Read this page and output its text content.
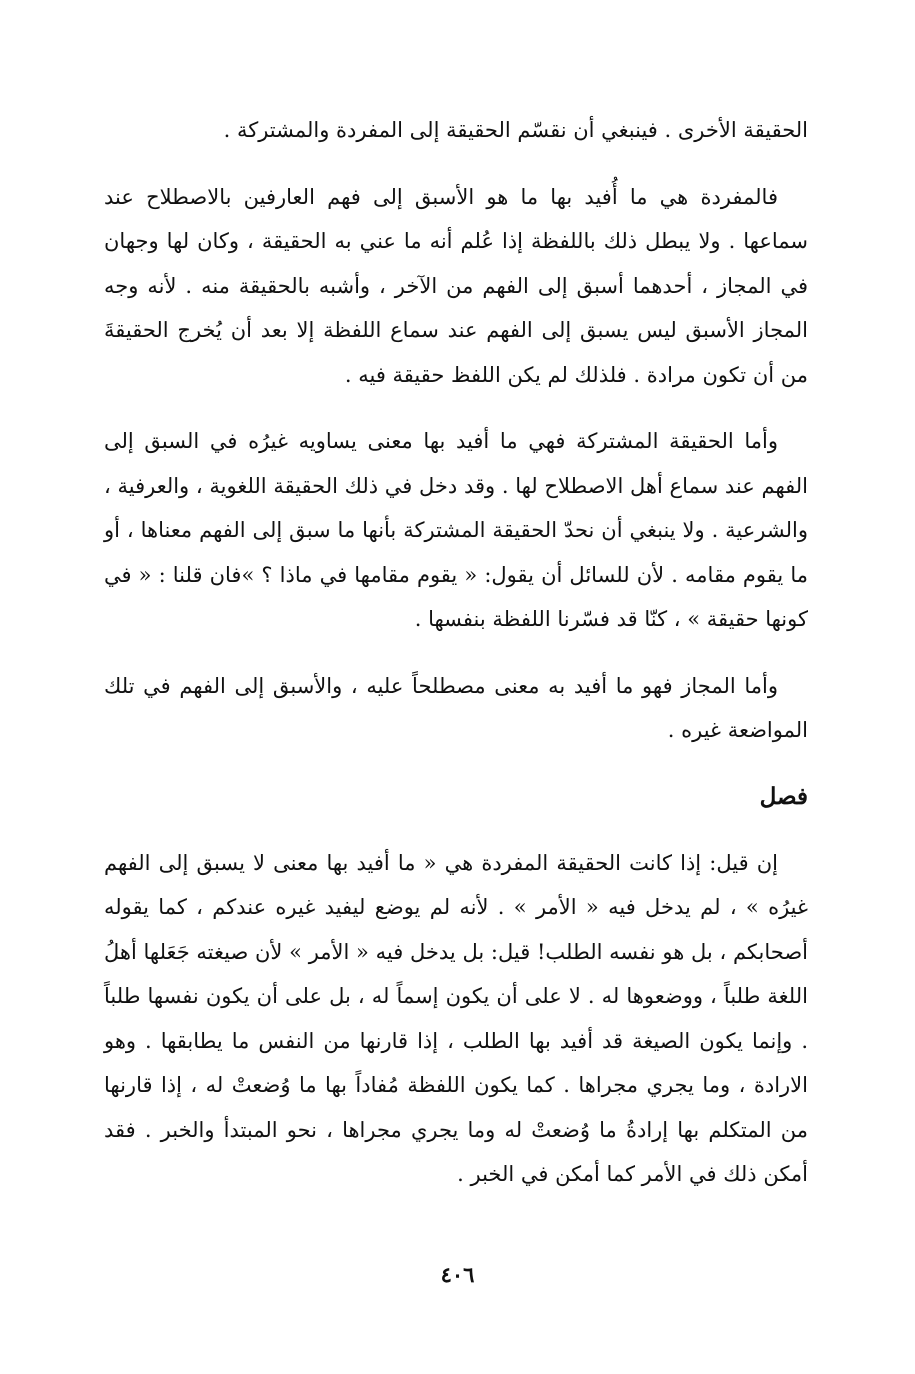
الحقيقة الأخرى . فينبغي أن نقسّم الحقيقة إلى المفردة والمشتركة .

فالمفردة هي ما أُفيد بها ما هو الأسبق إلى فهم العارفين بالاصطلاح عند سماعها . ولا يبطل ذلك باللفظة إذا عُلم أنه ما عني به الحقيقة ، وكان لها وجهان في المجاز ، أحدهما أسبق إلى الفهم من الآخر ، وأشبه بالحقيقة منه . لأنه وجه المجاز الأسبق ليس يسبق إلى الفهم عند سماع اللفظة إلا بعد أن يُخرج الحقيقةَ من أن تكون مرادة . فلذلك لم يكن اللفظ حقيقة فيه .

وأما الحقيقة المشتركة فهي ما أفيد بها معنى يساويه غيرُه في السبق إلى الفهم عند سماع أهل الاصطلاح لها . وقد دخل في ذلك الحقيقة اللغوية ، والعرفية ، والشرعية . ولا ينبغي أن نحدّ الحقيقة المشتركة بأنها ما سبق إلى الفهم معناها ، أو ما يقوم مقامه . لأن للسائل أن يقول: « يقوم مقامها في ماذا ؟ »فان قلنا : « في كونها حقيقة » ، كنّا قد فسّرنا اللفظة بنفسها .

وأما المجاز فهو ما أفيد به معنى مصطلحاً عليه ، والأسبق إلى الفهم في تلك المواضعة غيره .

فصل

إن قيل: إذا كانت الحقيقة المفردة هي « ما أفيد بها معنى لا يسبق إلى الفهم غيرُه » ، لم يدخل فيه « الأمر » . لأنه لم يوضع ليفيد غيره عندكم ، كما يقوله أصحابكم ، بل هو نفسه الطلب! قيل: بل يدخل فيه « الأمر » لأن صيغته جَعَلها أهلُ اللغة طلباً ، ووضعوها له . لا على أن يكون إسماً له ، بل على أن يكون نفسها طلباً . وإنما يكون الصيغة قد أفيد بها الطلب ، إذا قارنها من النفس ما يطابقها . وهو الارادة ، وما يجري مجراها . كما يكون اللفظة مُفاداً بها ما وُضعتْ له ، إذا قارنها من المتكلم بها إرادةُ ما وُضعتْ له وما يجري مجراها ، نحو المبتدأ والخبر . فقد أمكن ذلك في الأمر كما أمكن في الخبر .

٤٠٦
